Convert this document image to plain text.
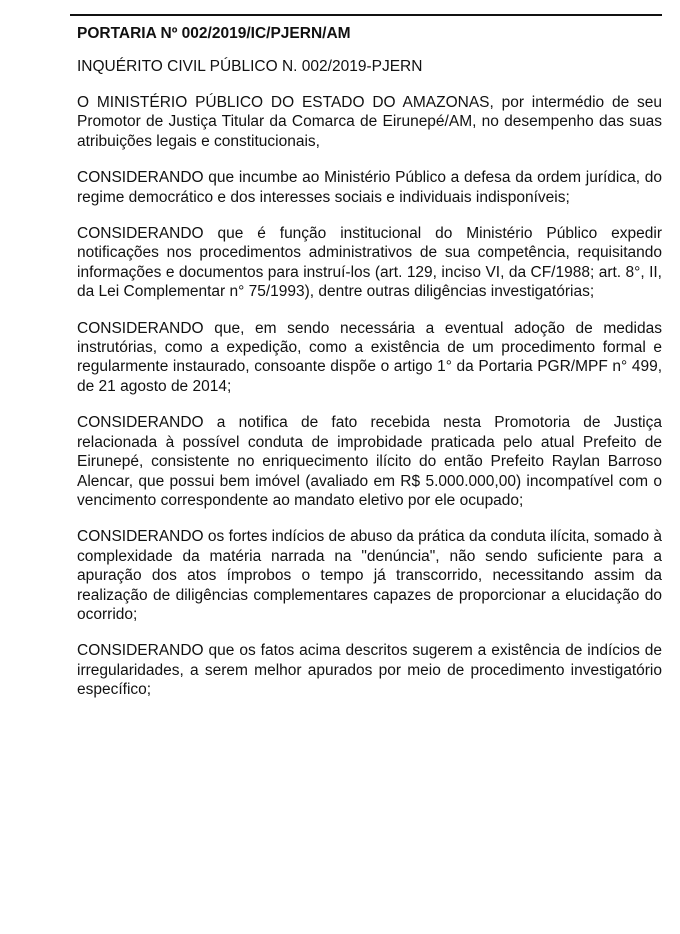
PORTARIA Nº 002/2019/IC/PJERN/AM
INQUÉRITO CIVIL PÚBLICO N. 002/2019-PJERN

O MINISTÉRIO PÚBLICO DO ESTADO DO AMAZONAS, por intermédio de seu Promotor de Justiça Titular da Comarca de Eirunepé/AM, no desempenho das suas atribuições legais e constitucionais,

CONSIDERANDO que incumbe ao Ministério Público a defesa da ordem jurídica, do regime democrático e dos interesses sociais e individuais indisponíveis;

CONSIDERANDO que é função institucional do Ministério Público expedir notificações nos procedimentos administrativos de sua competência, requisitando informações e documentos para instruí-los (art. 129, inciso VI, da CF/1988; art. 8°, II, da Lei Complementar n° 75/1993), dentre outras diligências investigatórias;

CONSIDERANDO que, em sendo necessária a eventual adoção de medidas instrutórias, como a expedição, como a existência de um procedimento formal e regularmente instaurado, consoante dispõe o artigo 1° da Portaria PGR/MPF n° 499, de 21 agosto de 2014;

CONSIDERANDO a notifica de fato recebida nesta Promotoria de Justiça relacionada à possível conduta de improbidade praticada pelo atual Prefeito de Eirunepé, consistente no enriquecimento ilícito do então Prefeito Raylan Barroso Alencar, que possui bem imóvel (avaliado em R$ 5.000.000,00) incompatível com o vencimento correspondente ao mandato eletivo por ele ocupado;

CONSIDERANDO os fortes indícios de abuso da prática da conduta ilícita, somado à complexidade da matéria narrada na "denúncia", não sendo suficiente para a apuração dos atos ímprobos o tempo já transcorrido, necessitando assim da realização de diligências complementares capazes de proporcionar a elucidação do ocorrido;

CONSIDERANDO que os fatos acima descritos sugerem a existência de indícios de irregularidades, a serem melhor apurados por meio de procedimento investigatório específico;
